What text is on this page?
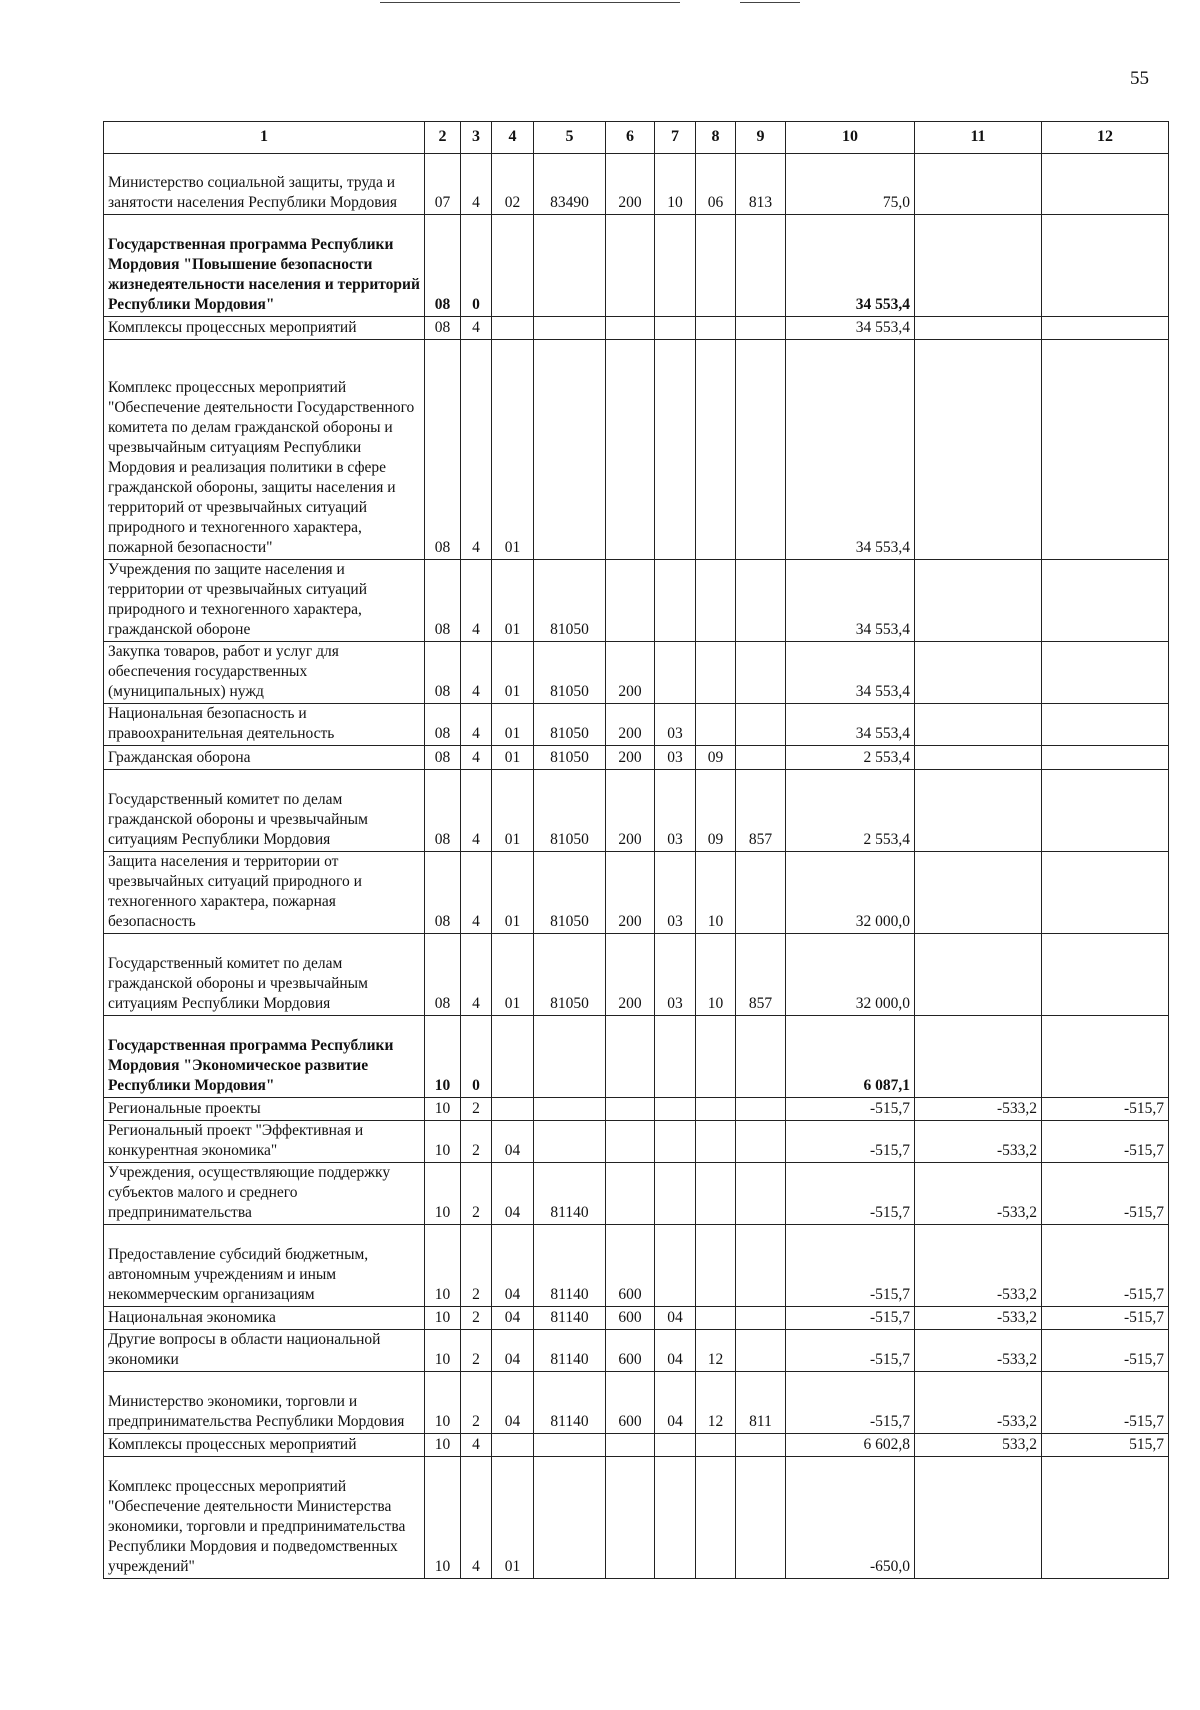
55
1	2	3	4	5	6	7	8	9	10	11	12
Министерство социальной защиты, труда и занятости населения Республики Мордовия	07	4	02	83490	200	10	06	813	75,0		
Государственная программа Республики Мордовия "Повышение безопасности жизнедеятельности населения и территорий Республики Мордовия"	08	0							34 553,4		
Комплексы процессных мероприятий	08	4							34 553,4		
Комплекс процессных мероприятий "Обеспечение деятельности Государственного комитета по делам гражданской обороны и чрезвычайным ситуациям Республики Мордовия и реализация политики в сфере гражданской обороны, защиты населения и территорий от чрезвычайных ситуаций природного и техногенного характера, пожарной безопасности"	08	4	01						34 553,4		
Учреждения по защите населения и территории от чрезвычайных ситуаций природного и техногенного характера, гражданской обороне	08	4	01	81050					34 553,4		
Закупка товаров, работ и услуг для обеспечения государственных (муниципальных) нужд	08	4	01	81050	200				34 553,4		
Национальная безопасность и правоохранительная деятельность	08	4	01	81050	200	03			34 553,4		
Гражданская оборона	08	4	01	81050	200	03	09		2 553,4		
Государственный комитет по делам гражданской обороны и чрезвычайным ситуациям Республики Мордовия	08	4	01	81050	200	03	09	857	2 553,4		
Защита населения и территории от чрезвычайных ситуаций природного и техногенного характера, пожарная безопасность	08	4	01	81050	200	03	10		32 000,0		
Государственный комитет по делам гражданской обороны и чрезвычайным ситуациям Республики Мордовия	08	4	01	81050	200	03	10	857	32 000,0		
Государственная программа Республики Мордовия "Экономическое развитие Республики Мордовия"	10	0							6 087,1		
Региональные проекты	10	2							-515,7	-533,2	-515,7
Региональный проект "Эффективная и конкурентная экономика"	10	2	04						-515,7	-533,2	-515,7
Учреждения, осуществляющие поддержку субъектов малого и среднего предпринимательства	10	2	04	81140					-515,7	-533,2	-515,7
Предоставление субсидий бюджетным, автономным учреждениям и иным некоммерческим организациям	10	2	04	81140	600				-515,7	-533,2	-515,7
Национальная экономика	10	2	04	81140	600	04			-515,7	-533,2	-515,7
Другие вопросы в области национальной экономики	10	2	04	81140	600	04	12		-515,7	-533,2	-515,7
Министерство экономики, торговли и предпринимательства Республики Мордовия	10	2	04	81140	600	04	12	811	-515,7	-533,2	-515,7
Комплексы процессных мероприятий	10	4							6 602,8	533,2	515,7
Комплекс процессных мероприятий "Обеспечение деятельности Министерства экономики, торговли и предпринимательства Республики Мордовия и подведомственных учреждений"	10	4	01						-650,0		
